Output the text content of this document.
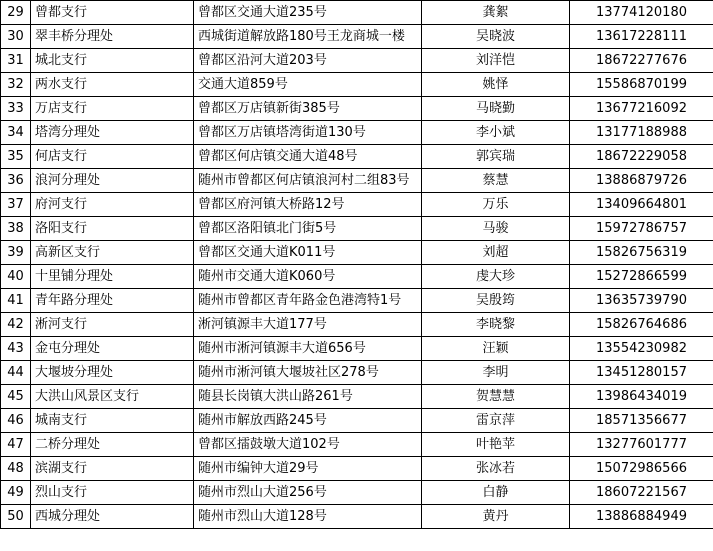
29	曾都支行	曾都区交通大道235号	龚絮	13774120180
30	翠丰桥分理处	西城街道解放路180号王龙商城一楼	吴晓波	13617228111
31	城北支行	曾都区沿河大道203号	刘洋恺	18672277676
32	两水支行	交通大道859号	姚怿	15586870199
33	万店支行	曾都区万店镇新街385号	马晓勤	13677216092
34	塔湾分理处	曾都区万店镇塔湾街道130号	李小斌	13177188988
35	何店支行	曾都区何店镇交通大道48号	郭宾瑞	18672229058
36	浪河分理处	随州市曾都区何店镇浪河村二组83号	蔡慧	13886879726
37	府河支行	曾都区府河镇大桥路12号	万乐	13409664801
38	洛阳支行	曾都区洛阳镇北门街5号	马骏	15972786757
39	高新区支行	曾都区交通大道K011号	刘超	15826756319
40	十里铺分理处	随州市交通大道K060号	虔大珍	15272866599
41	青年路分理处	随州市曾都区青年路金色港湾特1号	吴殷筠	13635739790
42	淅河支行	淅河镇源丰大道177号	李晓黎	15826764686
43	金屯分理处	随州市淅河镇源丰大道656号	汪颖	13554230982
44	大堰坡分理处	随州市淅河镇大堰坡社区278号	李明	13451280157
45	大洪山风景区支行	随县长岗镇大洪山路261号	贺慧慧	13986434019
46	城南支行	随州市解放西路245号	雷京萍	18571356677
47	二桥分理处	曾都区擂鼓墩大道102号	叶艳苹	13277601777
48	滨湖支行	随州市编钟大道29号	张冰若	15072986566
49	烈山支行	随州市烈山大道256号	白静	18607221567
50	西城分理处	随州市烈山大道128号	黄丹	13886884949
